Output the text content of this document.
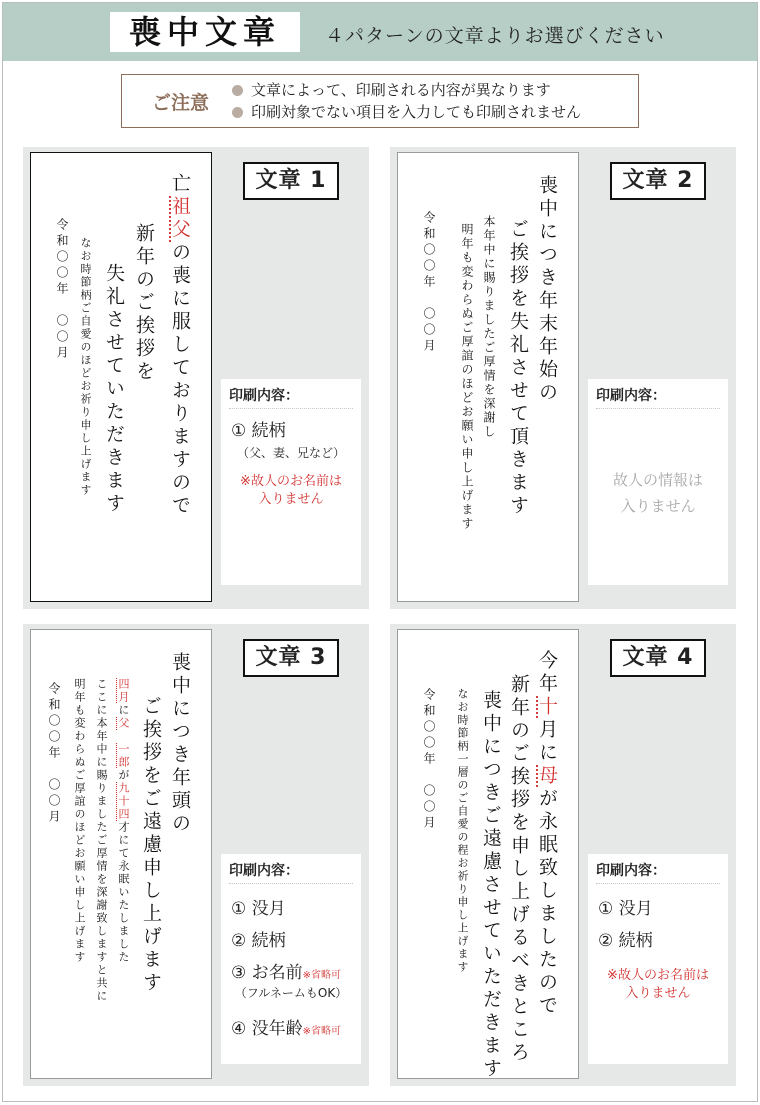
喪中文章	４パターンの文章よりお選びください
ご注意
文章によって、印刷される内容が異なります
印刷対象でない項目を入力しても印刷されません
亡祖父の喪に服しておりますので
新年のご挨拶を
失礼させていただきます
なお時節柄ご自愛のほどお祈り申し上げます
令和〇〇年　〇〇月
文章 1
印刷内容：
① 続柄
（父、妻、兄など）
※故人のお名前は
入りません
喪中につき年末年始の
ご挨拶を失礼させて頂きます
本年中に賜りましたご厚情を深謝し
明年も変わらぬご厚誼のほどお願い申し上げます
令和〇〇年　〇〇月
文章 2
印刷内容：
故人の情報は
入りません
喪中につき年頭の
ご挨拶をご遠慮申し上げます
四月に父　一郎が九十四才にて永眠いたしました
ここに本年中に賜りましたご厚情を深謝致しますと共に
明年も変わらぬご厚誼のほどお願い申し上げます
令和〇〇年　〇〇月
文章 3
印刷内容：
① 没月
② 続柄
③ お名前※省略可
（フルネームもOK）
④ 没年齢※省略可
今年十月に母が永眠致しましたので
新年のご挨拶を申し上げるべきところ
喪中につきご遠慮させていただきます
なお時節柄一層のご自愛の程お祈り申し上げます
令和〇〇年　〇〇月
文章 4
印刷内容：
① 没月
② 続柄
※故人のお名前は
入りません
